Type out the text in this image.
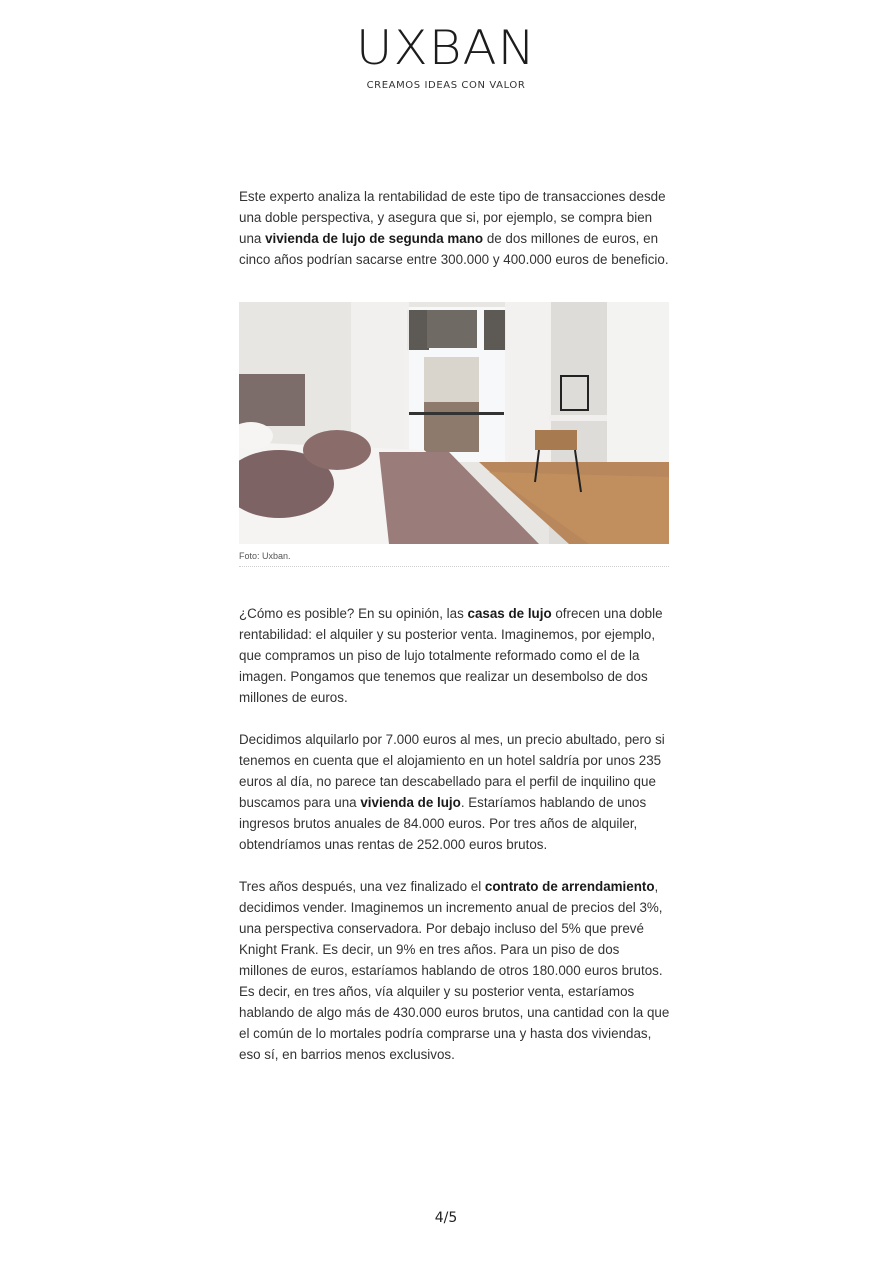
UXBAN
CREAMOS IDEAS CON VALOR

Este experto analiza la rentabilidad de este tipo de transacciones desde una doble perspectiva, y asegura que si, por ejemplo, se compra bien una vivienda de lujo de segunda mano de dos millones de euros, en cinco años podrían sacarse entre 300.000 y 400.000 euros de beneficio.

Foto: Uxban.

¿Cómo es posible? En su opinión, las casas de lujo ofrecen una doble rentabilidad: el alquiler y su posterior venta. Imaginemos, por ejemplo, que compramos un piso de lujo totalmente reformado como el de la imagen. Pongamos que tenemos que realizar un desembolso de dos millones de euros.

Decidimos alquilarlo por 7.000 euros al mes, un precio abultado, pero si tenemos en cuenta que el alojamiento en un hotel saldría por unos 235 euros al día, no parece tan descabellado para el perfil de inquilino que buscamos para una vivienda de lujo. Estaríamos hablando de unos ingresos brutos anuales de 84.000 euros. Por tres años de alquiler, obtendríamos unas rentas de 252.000 euros brutos.

Tres años después, una vez finalizado el contrato de arrendamiento, decidimos vender. Imaginemos un incremento anual de precios del 3%, una perspectiva conservadora. Por debajo incluso del 5% que prevé Knight Frank. Es decir, un 9% en tres años. Para un piso de dos millones de euros, estaríamos hablando de otros 180.000 euros brutos. Es decir, en tres años, vía alquiler y su posterior venta, estaríamos hablando de algo más de 430.000 euros brutos, una cantidad con la que el común de lo mortales podría comprarse una y hasta dos viviendas, eso sí, en barrios menos exclusivos.

4/5
